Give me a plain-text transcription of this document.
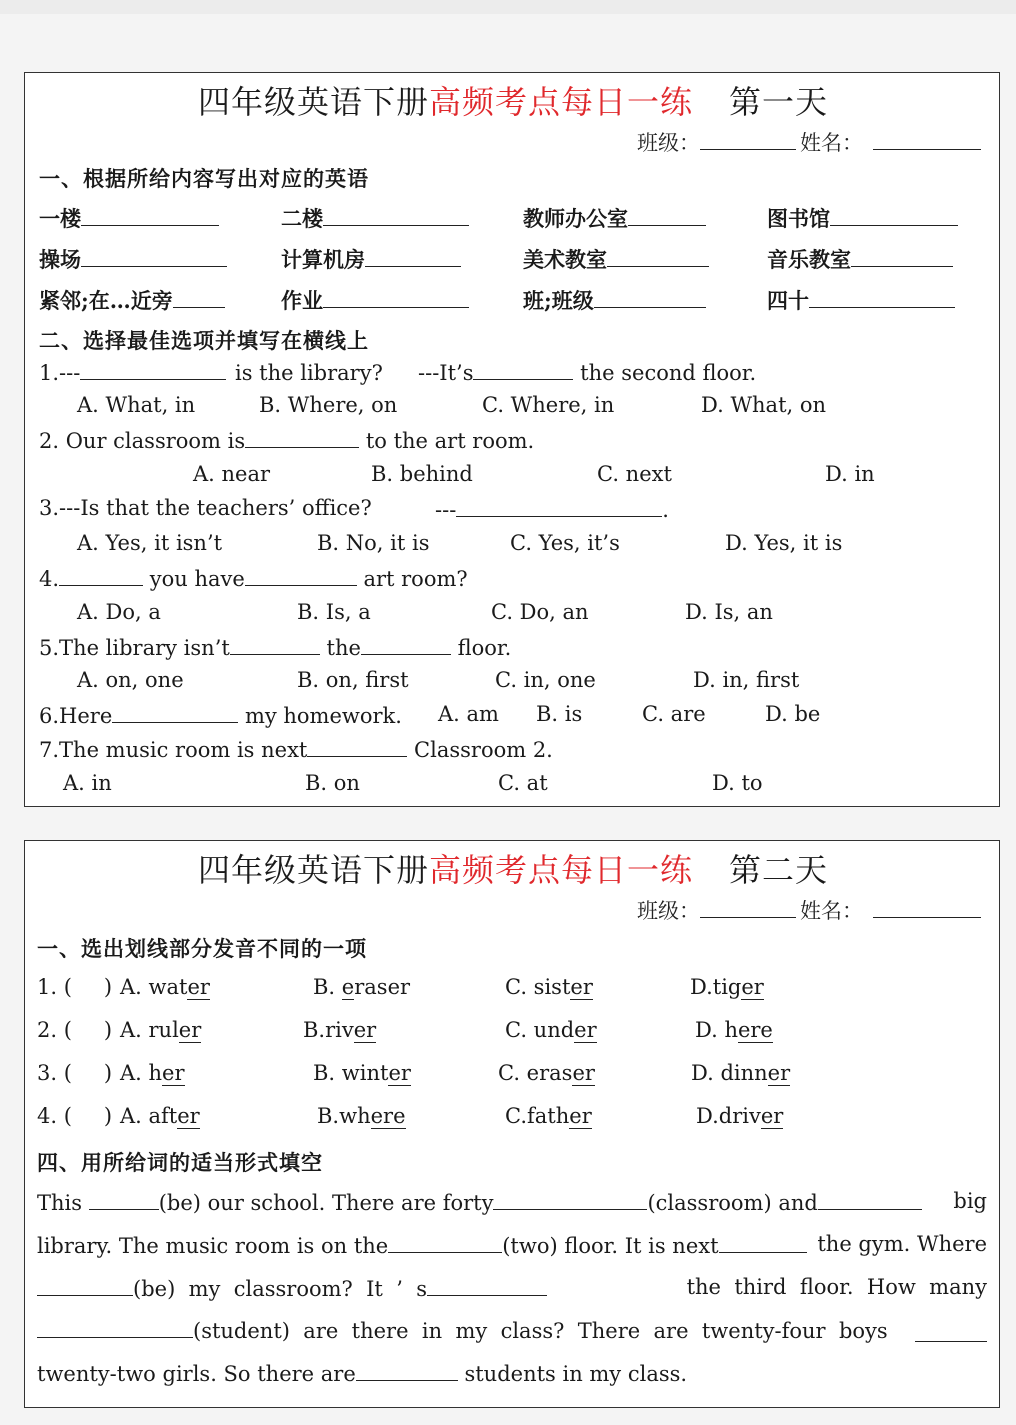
四年级英语下册高频考点每日一练 第一天
班级：	姓名：
一、根据所给内容写出对应的英语
一楼	二楼	教师办公室	图书馆
操场	计算机房	美术教室	音乐教室
紧邻;在…近旁	作业	班;班级	四十
二、选择最佳选项并填写在横线上
1.---	is the library? ---It’s	the second floor.
A. What, in	B. Where, on	C. Where, in	D. What, on
2. Our classroom is	to the art room.
A. near	B. behind	C. next	D. in
3.---Is that the teachers’ office?	---	.
A. Yes, it isn’t	B. No, it is	C. Yes, it’s	D. Yes, it is
4.	you have	art room?
A. Do, a	B. Is, a	C. Do, an	D. Is, an
5.The library isn’t	the	floor.
A. on, one	B. on, first	C. in, one	D. in, first
6.Here	my homework. A. am B. is	C. are	D. be
7.The music room is next	Classroom 2.
A. in	B. on	C. at	D. to
四年级英语下册高频考点每日一练 第二天
班级：	姓名：
一、选出划线部分发音不同的一项
1. ( ) A. water	B. eraser	C. sister	D.tiger
2. ( ) A. ruler	B.river	C. under	D. here
3. ( ) A. her	B. winter	C. eraser	D. dinner
4. ( ) A. after	B.where	C.father	D.driver
四、用所给词的适当形式填空
This	(be) our school. There are forty	(classroom) and	big
library. The music room is on the	(two) floor. It is next	the gym. Where
(be)  my  classroom?  It  ’  s	the  third  floor.  How  many
(student)  are  there  in  my  class?  There  are  twenty-four  boys
twenty-two girls. So there are	students in my class.
